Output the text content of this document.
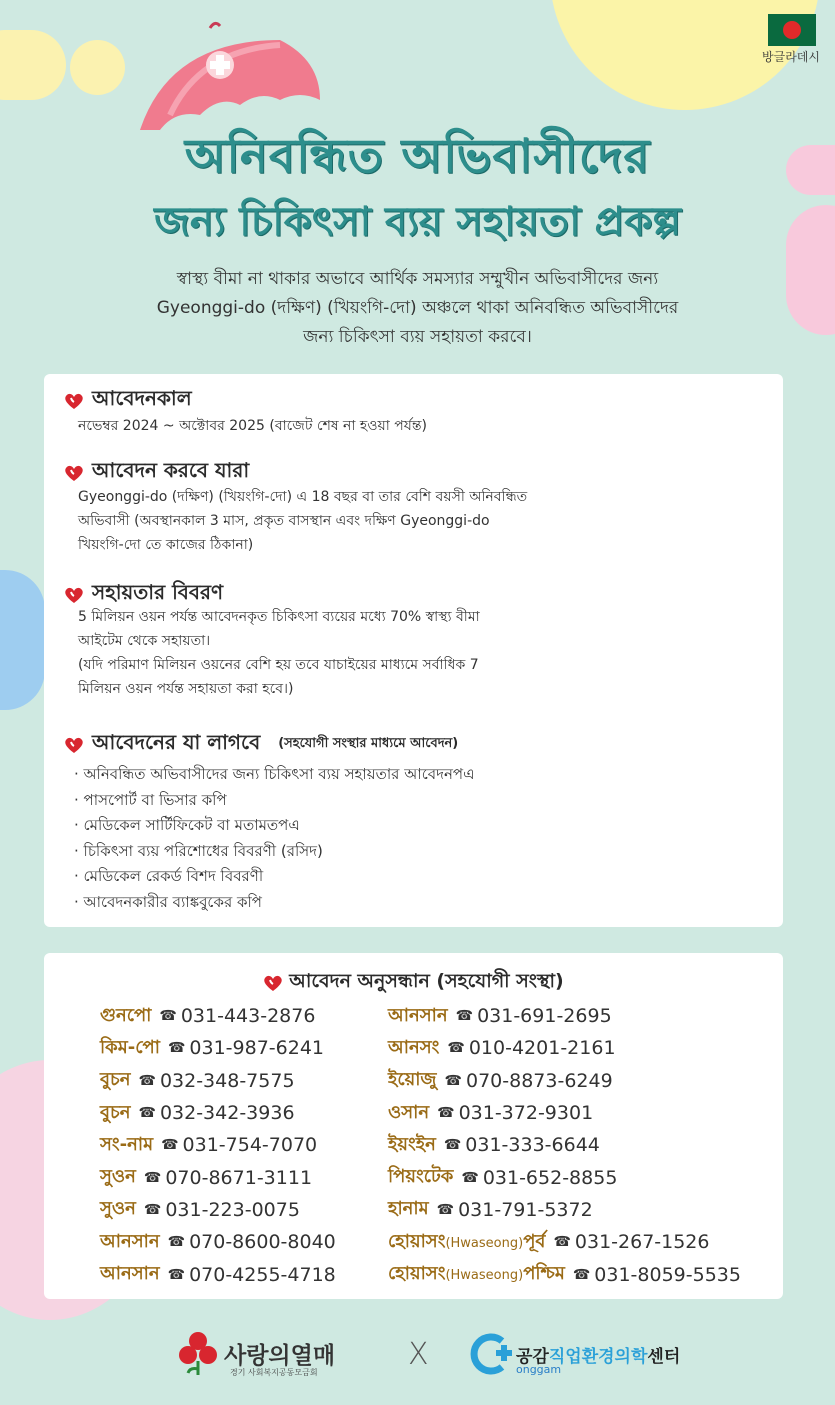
방글라데시
অনিবন্ধিত অভিবাসীদের
জন্য চিকিৎসা ব্যয় সহায়তা প্রকল্প
স্বাস্থ্য বীমা না থাকার অভাবে আর্থিক সমস্যার সম্মুখীন অভিবাসীদের জন্য
Gyeonggi-do (দক্ষিণ) (খিয়ংগি-দো) অঞ্চলে থাকা অনিবন্ধিত অভিবাসীদের
জন্য চিকিৎসা ব্যয় সহায়তা করবে।
আবেদনকাল
নভেম্বর 2024 ~ অক্টোবর 2025 (বাজেট শেষ না হওয়া পর্যন্ত)
আবেদন করবে যারা
Gyeonggi-do (দক্ষিণ) (খিয়ংগি-দো) এ 18 বছর বা তার বেশি বয়সী অনিবন্ধিত
অভিবাসী (অবস্থানকাল 3 মাস, প্রকৃত বাসস্থান এবং দক্ষিণ Gyeonggi-do
খিয়ংগি-দো তে কাজের ঠিকানা)
সহায়তার বিবরণ
5 মিলিয়ন ওয়ন পর্যন্ত আবেদনকৃত চিকিৎসা ব্যয়ের মধ্যে 70% স্বাস্থ্য বীমা
আইটেম থেকে সহায়তা।
(যদি পরিমাণ মিলিয়ন ওয়নের বেশি হয় তবে যাচাইয়ের মাধ্যমে সর্বাধিক 7
মিলিয়ন ওয়ন পর্যন্ত সহায়তা করা হবে।)
আবেদনের যা লাগবে (সহযোগী সংস্থার মাধ্যমে আবেদন)
· অনিবন্ধিত অভিবাসীদের জন্য চিকিৎসা ব্যয় সহায়তার আবেদনপএ
· পাসপোর্ট বা ভিসার কপি
· মেডিকেল সার্টিফিকেট বা মতামতপএ
· চিকিৎসা ব্যয় পরিশোধের বিবরণী (রসিদ)
· মেডিকেল রেকর্ড বিশদ বিবরণী
· আবেদনকারীর ব্যাঙ্কবুকের কপি
আবেদন অনুসন্ধান (সহযোগী সংস্থা)
গুনপো ☎ 031-443-2876
কিম-পো ☎ 031-987-6241
বুচন ☎ 032-348-7575
বুচন ☎ 032-342-3936
সং-নাম ☎ 031-754-7070
সুওন ☎ 070-8671-3111
সুওন ☎ 031-223-0075
আনসান ☎ 070-8600-8040
আনসান ☎ 070-4255-4718
আনসান ☎ 031-691-2695
আনসং ☎ 010-4201-2161
ইয়োজু ☎ 070-8873-6249
ওসান ☎ 031-372-9301
ইয়ংইন ☎ 031-333-6644
পিয়ংটেক ☎ 031-652-8855
হানাম ☎ 031-791-5372
হোয়াসং(Hwaseong)পূর্ব ☎ 031-267-1526
হোয়াসং(Hwaseong)পশ্চিম ☎ 031-8059-5535
사랑의열매
경기 사회복지공동모금회
X	공감직업환경의학센터
onggam
